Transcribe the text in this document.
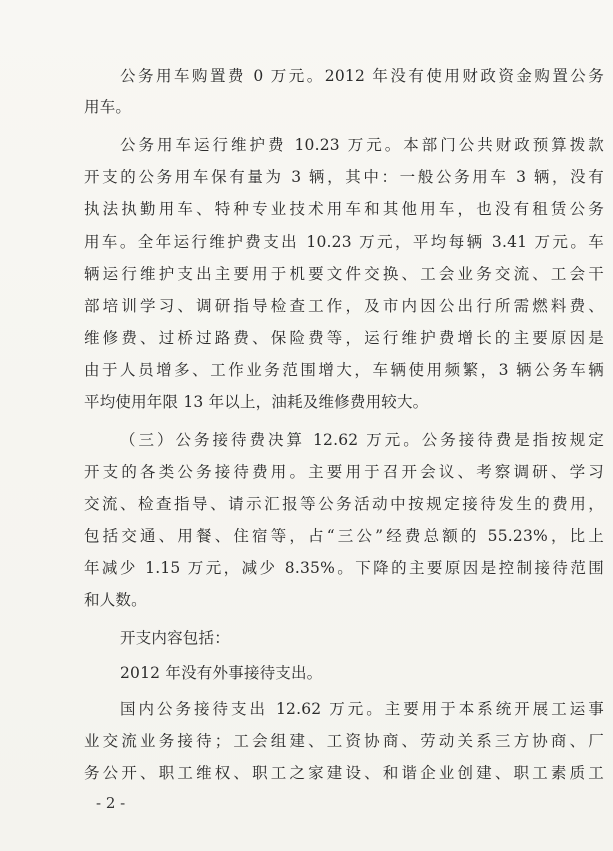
公务用车购置费 0 万元。2012 年没有使用财政资金购置公务
用车。
公务用车运行维护费 10.23 万元。本部门公共财政预算拨款
开支的公务用车保有量为 3 辆，其中：一般公务用车 3 辆，没有
执法执勤用车、特种专业技术用车和其他用车，也没有租赁公务
用车。全年运行维护费支出 10.23 万元，平均每辆 3.41 万元。车
辆运行维护支出主要用于机要文件交换、工会业务交流、工会干
部培训学习、调研指导检查工作，及市内因公出行所需燃料费、
维修费、过桥过路费、保险费等，运行维护费增长的主要原因是
由于人员增多、工作业务范围增大，车辆使用频繁，3 辆公务车辆
平均使用年限 13 年以上，油耗及维修费用较大。
（三）公务接待费决算 12.62 万元。公务接待费是指按规定
开支的各类公务接待费用。主要用于召开会议、考察调研、学习
交流、检查指导、请示汇报等公务活动中按规定接待发生的费用，
包括交通、用餐、住宿等，占“三公”经费总额的 55.23%，比上
年减少 1.15 万元，减少 8.35%。下降的主要原因是控制接待范围
和人数。
开支内容包括：
2012 年没有外事接待支出。
国内公务接待支出 12.62 万元。主要用于本系统开展工运事
业交流业务接待；工会组建、工资协商、劳动关系三方协商、厂
务公开、职工维权、职工之家建设、和谐企业创建、职工素质工
- 2 -
